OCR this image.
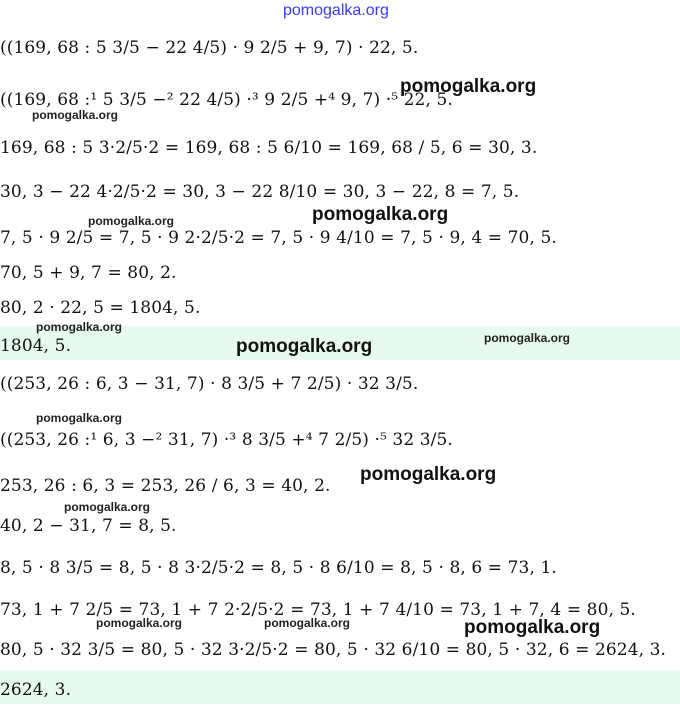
((169, 68 : 5 3/5 − 22 4/5) · 9 2/5 + 9, 7) · 22, 5.
((169, 68 :¹ 5 3/5 −² 22 4/5) ·³ 9 2/5 +⁴ 9, 7) ·⁵ 22, 5.
169, 68 : 5 3·2/5·2 = 169, 68 : 5 6/10 = 169, 68 / 5, 6 = 30, 3.
30, 3 − 22 4·2/5·2 = 30, 3 − 22 8/10 = 30, 3 − 22, 8 = 7, 5.
7, 5 · 9 2/5 = 7, 5 · 9 2·2/5·2 = 7, 5 · 9 4/10 = 7, 5 · 9, 4 = 70, 5.
70, 5 + 9, 7 = 80, 2.
80, 2 · 22, 5 = 1804, 5.
1804, 5.
((253, 26 : 6, 3 − 31, 7) · 8 3/5 + 7 2/5) · 32 3/5.
((253, 26 :¹ 6, 3 −² 31, 7) ·³ 8 3/5 +⁴ 7 2/5) ·⁵ 32 3/5.
253, 26 : 6, 3 = 253, 26 / 6, 3 = 40, 2.
40, 2 − 31, 7 = 8, 5.
8, 5 · 8 3/5 = 8, 5 · 8 3·2/5·2 = 8, 5 · 8 6/10 = 8, 5 · 8, 6 = 73, 1.
73, 1 + 7 2/5 = 73, 1 + 7 2·2/5·2 = 73, 1 + 7 4/10 = 73, 1 + 7, 4 = 80, 5.
80, 5 · 32 3/5 = 80, 5 · 32 3·2/5·2 = 80, 5 · 32 6/10 = 80, 5 · 32, 6 = 2624, 3.
2624, 3.
pomogalka.org
pomogalka.org
pomogalka.org
pomogalka.org	pomogalka.org
pomogalka.org
pomogalka.org	pomogalka.org
pomogalka.org
pomogalka.org
pomogalka.org
pomogalka.org	pomogalka.org	pomogalka.org
